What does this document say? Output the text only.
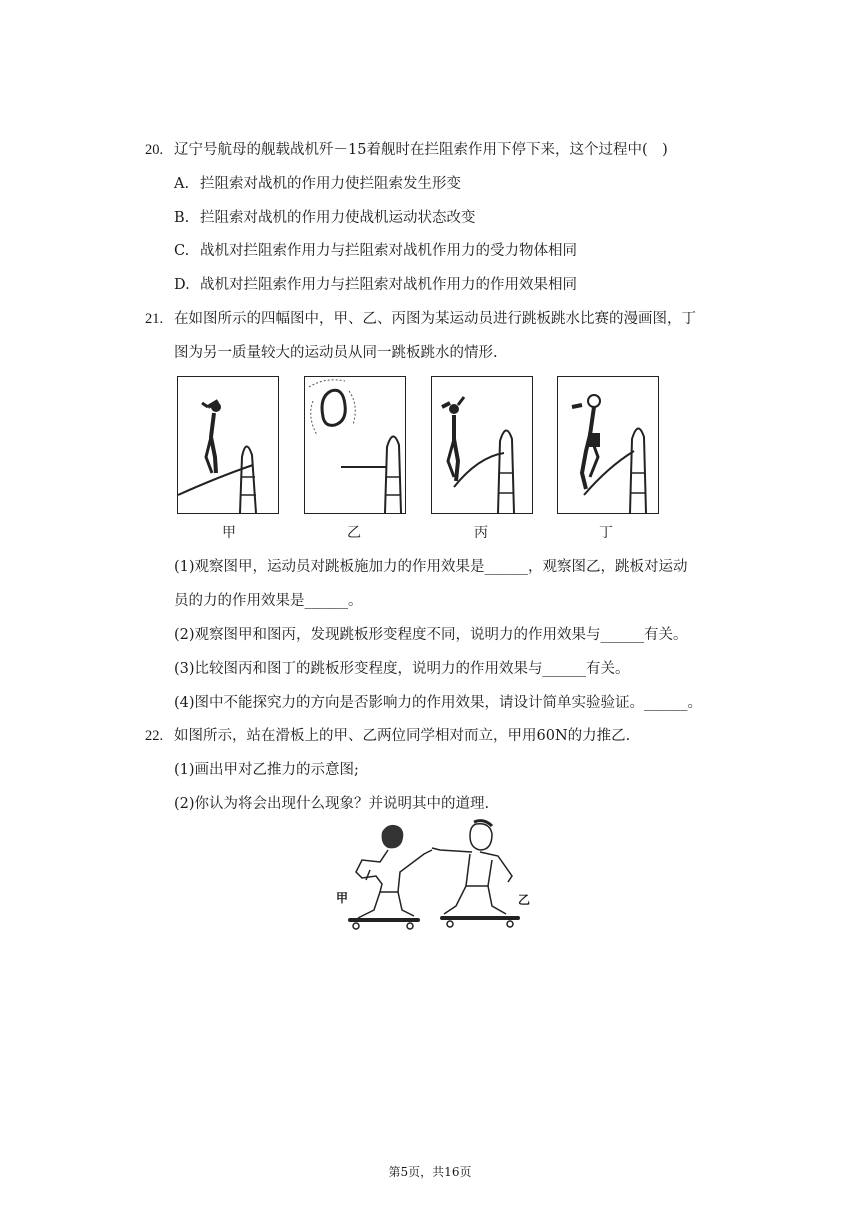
20. 辽宁号航母的舰载战机歼－15着舰时在拦阻索作用下停下来，这个过程中(　)
A. 拦阻索对战机的作用力使拦阻索发生形变
B. 拦阻索对战机的作用力使战机运动状态改变
C. 战机对拦阻索作用力与拦阻索对战机作用力的受力物体相同
D. 战机对拦阻索作用力与拦阻索对战机作用力的作用效果相同
21. 在如图所示的四幅图中，甲、乙、丙图为某运动员进行跳板跳水比赛的漫画图，丁
图为另一质量较大的运动员从同一跳板跳水的情形.
甲	乙	丙	丁
(1)观察图甲，运动员对跳板施加力的作用效果是______，观察图乙，跳板对运动
员的力的作用效果是______。
(2)观察图甲和图丙，发现跳板形变程度不同，说明力的作用效果与______有关。
(3)比较图丙和图丁的跳板形变程度，说明力的作用效果与______有关。
(4)图中不能探究力的方向是否影响力的作用效果，请设计简单实验验证。______。
22. 如图所示，站在滑板上的甲、乙两位同学相对而立，甲用60N的力推乙.
(1)画出甲对乙推力的示意图;
(2)你认为将会出现什么现象？并说明其中的道理.
甲	乙
第5页，共16页
